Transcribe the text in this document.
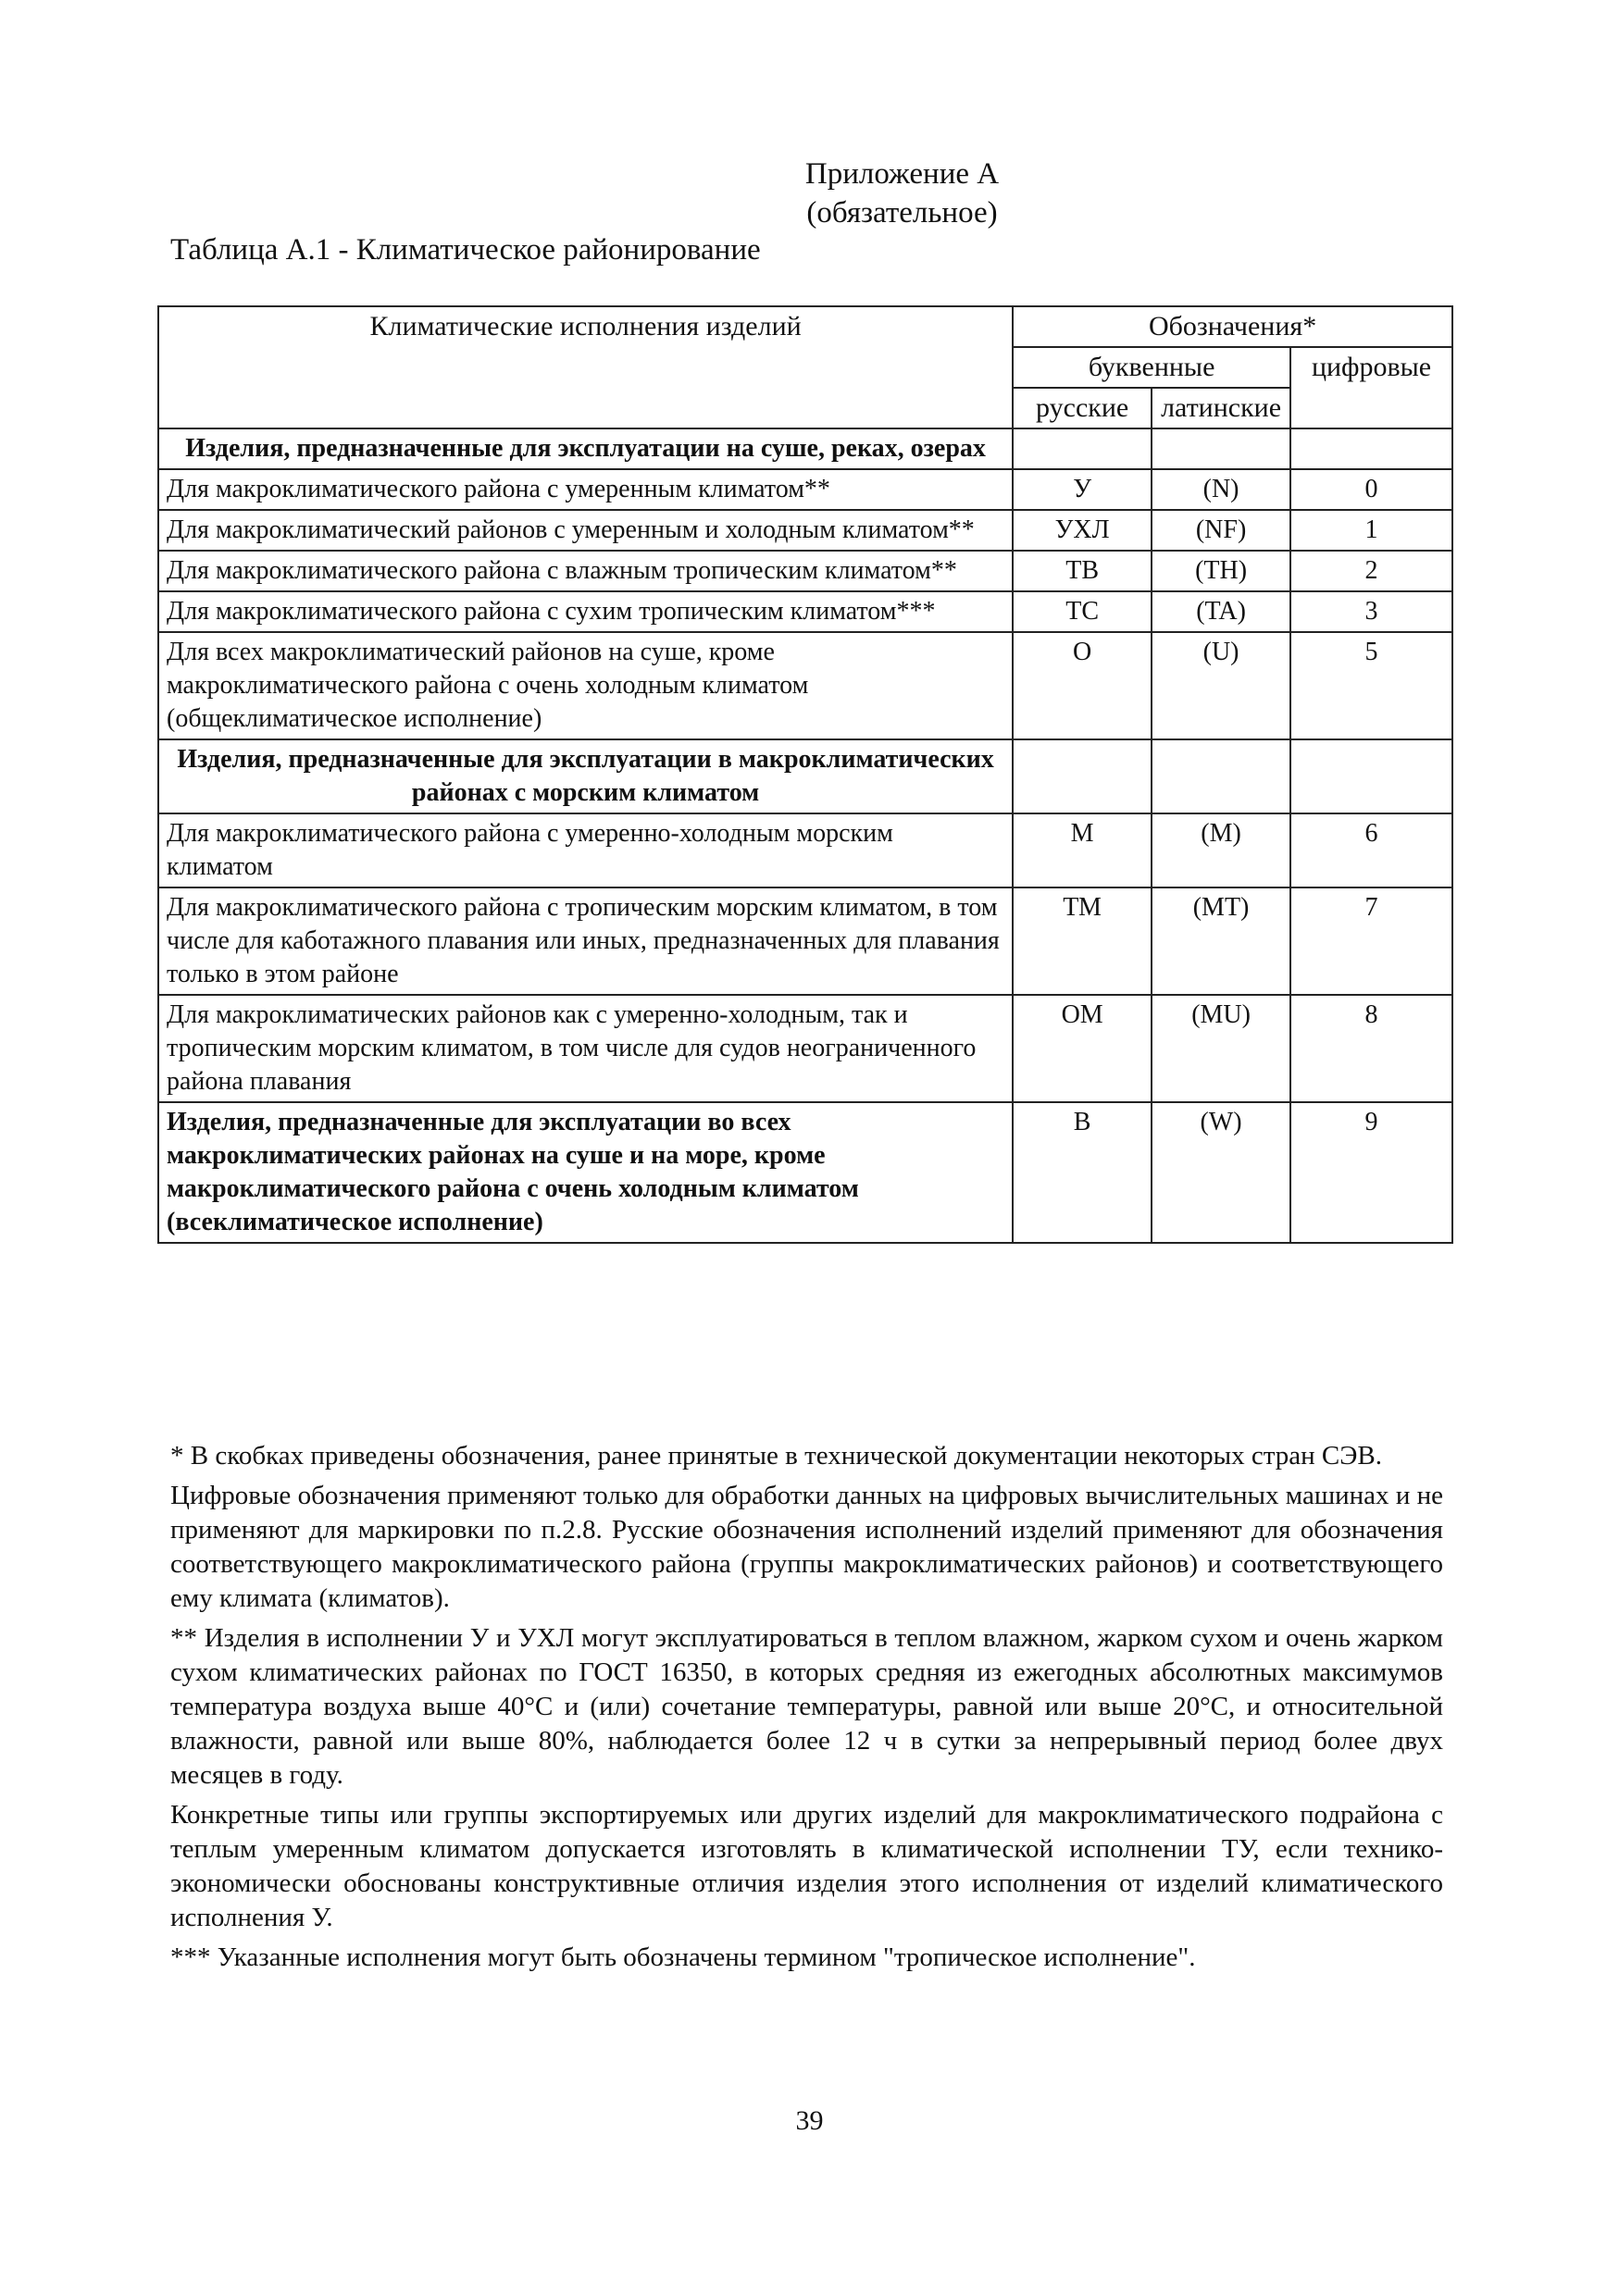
Приложение А
(обязательное)
Таблица А.1 - Климатическое районирование
Климатические исполнения изделий	Обозначения*		
	буквенные		цифровые
	русские	латинские	
Изделия, предназначенные для эксплуатации на суше, реках, озерах			
Для макроклиматического района с умеренным климатом**	У	(N)	0
Для макроклиматический районов с умеренным и холодным климатом**	УХЛ	(NF)	1
Для макроклиматического района с влажным тропическим климатом**	ТВ	(TH)	2
Для макроклиматического района с сухим тропическим климатом***	ТС	(TA)	3
Для всех макроклиматический районов на суше, кроме макроклиматического района с очень холодным климатом (общеклиматическое исполнение)	О	(U)	5
Изделия, предназначенные для эксплуатации в макроклиматических районах с морским климатом			
Для макроклиматического района с умеренно-холодным морским климатом	М	(M)	6
Для макроклиматического района с тропическим морским климатом, в том числе для каботажного плавания или иных, предназначенных для плавания только в этом районе	ТМ	(MT)	7
Для макроклиматических районов как с умеренно-холодным, так и тропическим морским климатом, в том числе для судов неограниченного района плавания	ОМ	(MU)	8
Изделия, предназначенные для эксплуатации во всех макроклиматических районах на суше и на море, кроме макроклиматического района с очень холодным климатом (всеклиматическое исполнение)	В	(W)	9

* В скобках приведены обозначения, ранее принятые в технической документации некоторых стран СЭВ.

Цифровые обозначения применяют только для обработки данных на цифровых вычислительных машинах и не применяют для маркировки по п.2.8. Русские обозначения исполнений изделий применяют для обозначения соответствующего макроклиматического района (группы макроклиматических районов) и соответствующего ему климата (климатов).

** Изделия в исполнении У и УХЛ могут эксплуатироваться в теплом влажном, жарком сухом и очень жарком сухом климатических районах по ГОСТ 16350, в которых средняя из ежегодных абсолютных максимумов температура воздуха выше 40°С и (или) сочетание температуры, равной или выше 20°С, и относительной влажности, равной или выше 80%, наблюдается более 12 ч в сутки за непрерывный период более двух месяцев в году.

Конкретные типы или группы экспортируемых или других изделий для макроклиматического подрайона с теплым умеренным климатом допускается изготовлять в климатической исполнении ТУ, если технико-экономически обоснованы конструктивные отличия изделия этого исполнения от изделий климатического исполнения У.

*** Указанные исполнения могут быть обозначены термином "тропическое исполнение".

39
